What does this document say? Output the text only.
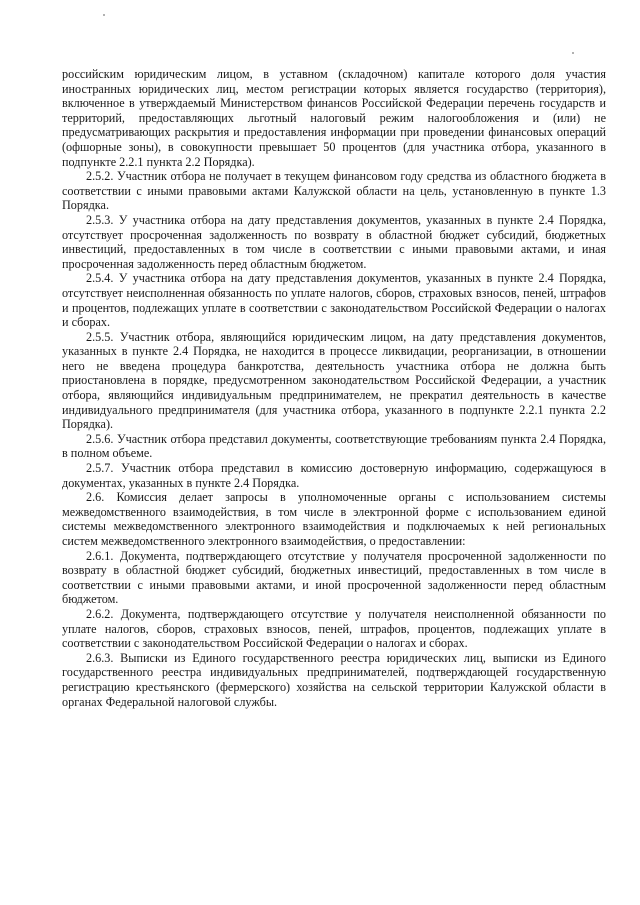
российским юридическим лицом, в уставном (складочном) капитале которого доля участия иностранных юридических лиц, местом регистрации которых является государство (территория), включенное в утверждаемый Министерством финансов Российской Федерации перечень государств и территорий, предоставляющих льготный налоговый режим налогообложения и (или) не предусматривающих раскрытия и предоставления информации при проведении финансовых операций (офшорные зоны), в совокупности превышает 50 процентов (для участника отбора, указанного в подпункте 2.2.1 пункта 2.2 Порядка).

2.5.2. Участник отбора не получает в текущем финансовом году средства из областного бюджета в соответствии с иными правовыми актами Калужской области на цель, установленную в пункте 1.3 Порядка.

2.5.3. У участника отбора на дату представления документов, указанных в пункте 2.4 Порядка, отсутствует просроченная задолженность по возврату в областной бюджет субсидий, бюджетных инвестиций, предоставленных в том числе в соответствии с иными правовыми актами, и иная просроченная задолженность перед областным бюджетом.

2.5.4. У участника отбора на дату представления документов, указанных в пункте 2.4 Порядка, отсутствует неисполненная обязанность по уплате налогов, сборов, страховых взносов, пеней, штрафов и процентов, подлежащих уплате в соответствии с законодательством Российской Федерации о налогах и сборах.

2.5.5. Участник отбора, являющийся юридическим лицом, на дату представления документов, указанных в пункте 2.4 Порядка, не находится в процессе ликвидации, реорганизации, в отношении него не введена процедура банкротства, деятельность участника отбора не должна быть приостановлена в порядке, предусмотренном законодательством Российской Федерации, а участник отбора, являющийся индивидуальным предпринимателем, не прекратил деятельность в качестве индивидуального предпринимателя (для участника отбора, указанного в подпункте 2.2.1 пункта 2.2 Порядка).

2.5.6. Участник отбора представил документы, соответствующие требованиям пункта 2.4 Порядка, в полном объеме.

2.5.7. Участник отбора представил в комиссию достоверную информацию, содержащуюся в документах, указанных в пункте 2.4 Порядка.

2.6. Комиссия делает запросы в уполномоченные органы с использованием системы межведомственного взаимодействия, в том числе в электронной форме с использованием единой системы межведомственного электронного взаимодействия и подключаемых к ней региональных систем межведомственного электронного взаимодействия, о предоставлении:

2.6.1. Документа, подтверждающего отсутствие у получателя просроченной задолженности по возврату в областной бюджет субсидий, бюджетных инвестиций, предоставленных в том числе в соответствии с иными правовыми актами, и иной просроченной задолженности перед областным бюджетом.

2.6.2. Документа, подтверждающего отсутствие у получателя неисполненной обязанности по уплате налогов, сборов, страховых взносов, пеней, штрафов, процентов, подлежащих уплате в соответствии с законодательством Российской Федерации о налогах и сборах.

2.6.3. Выписки из Единого государственного реестра юридических лиц, выписки из Единого государственного реестра индивидуальных предпринимателей, подтверждающей государственную регистрацию крестьянского (фермерского) хозяйства на сельской территории Калужской области в органах Федеральной налоговой службы.
